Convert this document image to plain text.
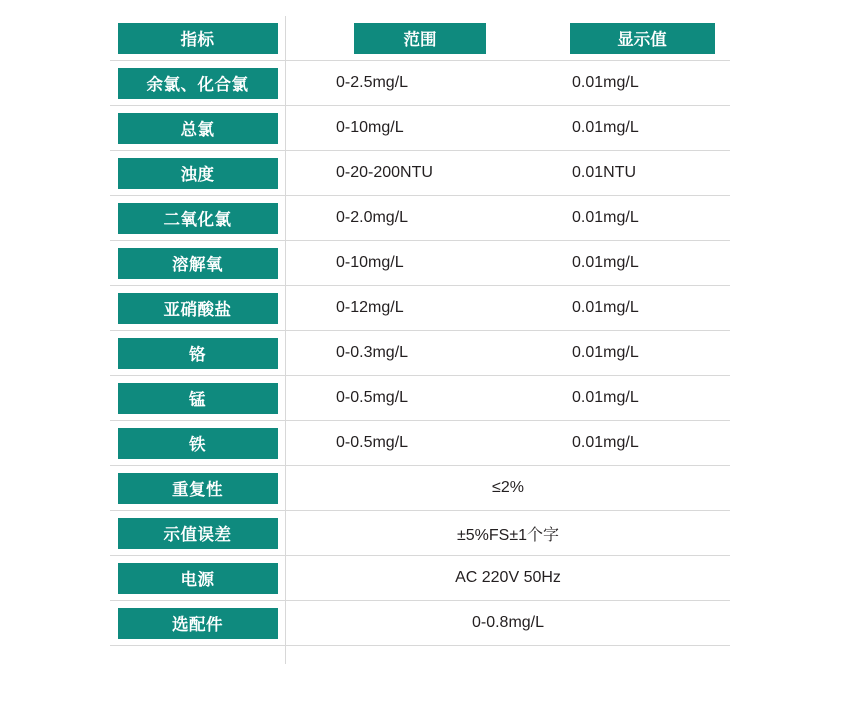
指标	范围	显示值
余氯、化合氯	0-2.5mg/L	0.01mg/L
总氯	0-10mg/L	0.01mg/L
浊度	0-20-200NTU	0.01NTU
二氧化氯	0-2.0mg/L	0.01mg/L
溶解氧	0-10mg/L	0.01mg/L
亚硝酸盐	0-12mg/L	0.01mg/L
铬	0-0.3mg/L	0.01mg/L
锰	0-0.5mg/L	0.01mg/L
铁	0-0.5mg/L	0.01mg/L
重复性	≤2%
示值误差	±5%FS±1个字
电源	AC 220V 50Hz
选配件	0-0.8mg/L
